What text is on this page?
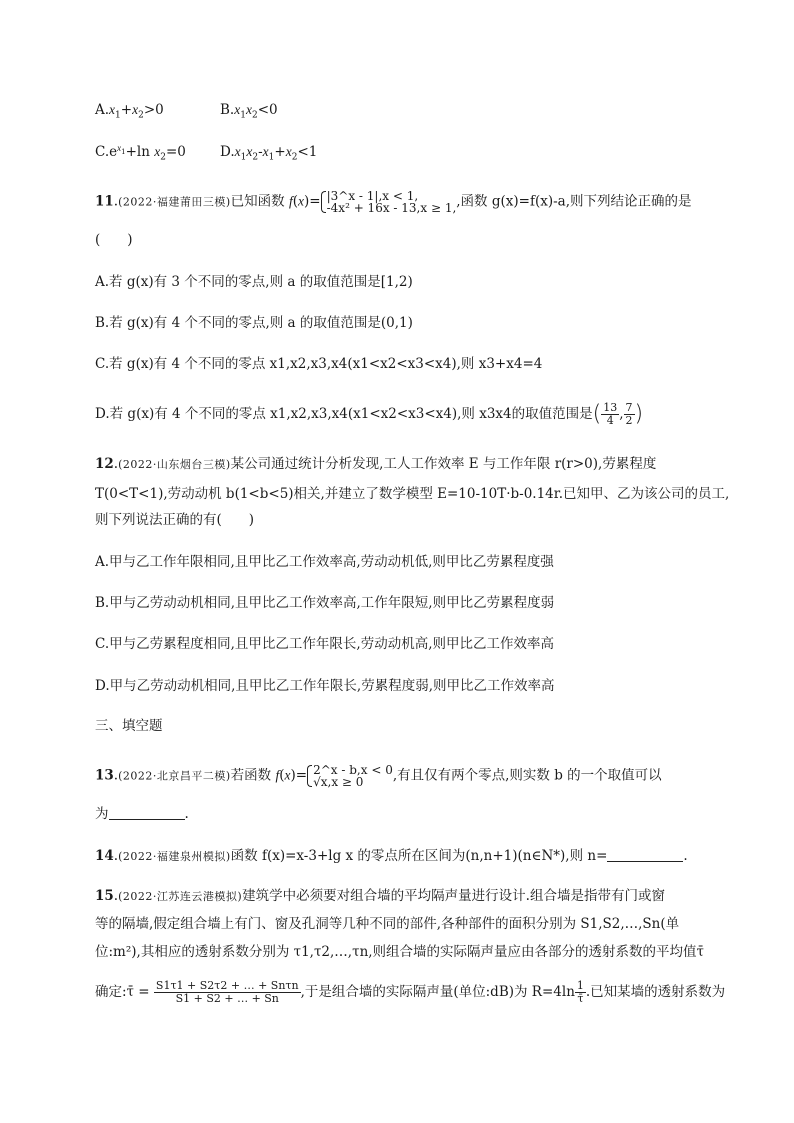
$A.x_1+x_2>0$	$B.x_1x_2<0$
$C.e^{x_1}+\ln$ $x_2=0$	$D.x_1x_2-x_1+x_2<1$
11.(2022·福建莆田三模)已知函数 f(x)= |3^x - 1|,x < 1,
-4x² + 16x - 13,x ≥ 1, ,函数 g(x)=f(x)-a,则下列结论正确的是
(　　)
A.若 g(x)有 3 个不同的零点,则 a 的取值范围是[1,2)
B.若 g(x)有 4 个不同的零点,则 a 的取值范围是(0,1)
C.若 g(x)有 4 个不同的零点 x1,x2,x3,x4(x1<x2<x3<x4),则 x3+x4=4
D.若 g(x)有 4 个不同的零点 x1,x2,x3,x4(x1<x2<x3<x4),则 x3x4的取值范围是( $\frac{13}{4}$ , $\frac{7}{2}$ )
12.(2022·山东烟台三模)某公司通过统计分析发现,工人工作效率 E 与工作年限 r(r>0),劳累程度
T(0<T<1),劳动动机 b(1<b<5)相关,并建立了数学模型 E=10-10T·b-0.14r.已知甲、乙为该公司的员工,
则下列说法正确的有(　　)
A.甲与乙工作年限相同,且甲比乙工作效率高,劳动动机低,则甲比乙劳累程度强
B.甲与乙劳动动机相同,且甲比乙工作效率高,工作年限短,则甲比乙劳累程度弱
C.甲与乙劳累程度相同,且甲比乙工作年限长,劳动动机高,则甲比乙工作效率高
D.甲与乙劳动动机相同,且甲比乙工作年限长,劳累程度弱,则甲比乙工作效率高
三、填空题
13.(2022·北京昌平二模)若函数 f(x)= 2^x - b,x < 0
√x,x ≥ 0	,有且仅有两个零点,则实数 b 的一个取值可以
为	.
14.(2022·福建泉州模拟)函数 f(x)=x-3+lg x 的零点所在区间为(n,n+1)(n∈N*),则 n=	.
15.(2022·江苏连云港模拟)建筑学中必须要对组合墙的平均隔声量进行设计.组合墙是指带有门或窗
等的隔墙,假定组合墙上有门、窗及孔洞等几种不同的部件,各种部件的面积分别为 S1,S2,…,Sn(单
位:m²),其相应的透射系数分别为 τ1,τ2,…,τn,则组合墙的实际隔声量应由各部分的透射系数的平均值τ̄
确定:τ̄ = $\frac{\text{S1τ1 + S2τ2 + … + Snτn}}{S1 + S2 + \dots + Sn}$ ,于是组合墙的实际隔声量(单位:dB)为 $R=4\ln \frac{1}{\taū}$ .已知某墙的透射系数为
